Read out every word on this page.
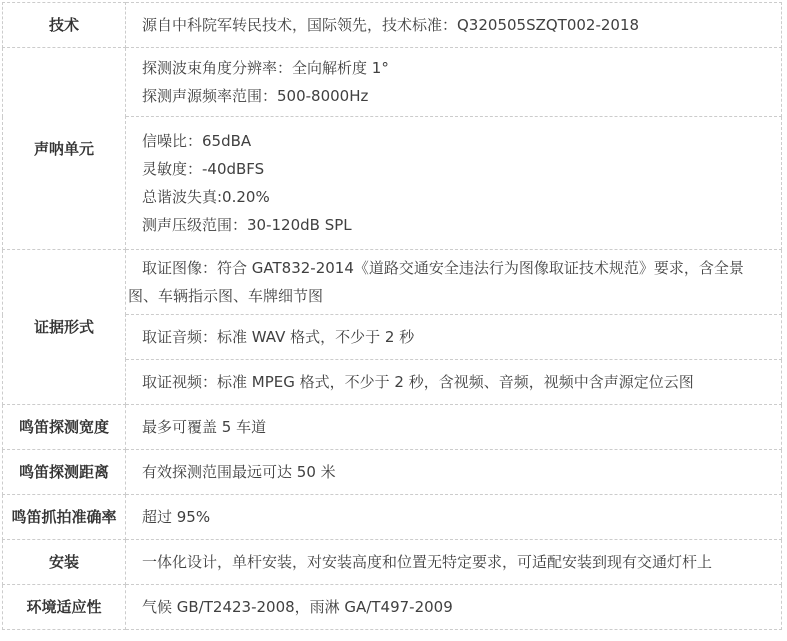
技术	源自中科院军转民技术，国际领先，技术标准：Q320505SZQT002-2018

声呐单元	探测波束角度分辨率：全向解析度 1°

探测声源频率范围：500-8000Hz

	信噪比：65dBA

灵敏度：-40dBFS

总谐波失真:0.20%

测声压级范围：30-120dB SPL

证据形式	取证图像：符合 GAT832-2014《道路交通安全违法行为图像取证技术规范》要求，含全景图、车辆指示图、车牌细节图

	取证音频：标准 WAV 格式，不少于 2 秒

	取证视频：标准 MPEG 格式，不少于 2 秒，含视频、音频，视频中含声源定位云图

鸣笛探测宽度	最多可覆盖 5 车道

鸣笛探测距离	有效探测范围最远可达 50 米

鸣笛抓拍准确率	超过 95%

安装	一体化设计，单杆安装，对安装高度和位置无特定要求，可适配安装到现有交通灯杆上

环境适应性	气候 GB/T2423-2008，雨淋 GA/T497-2009
